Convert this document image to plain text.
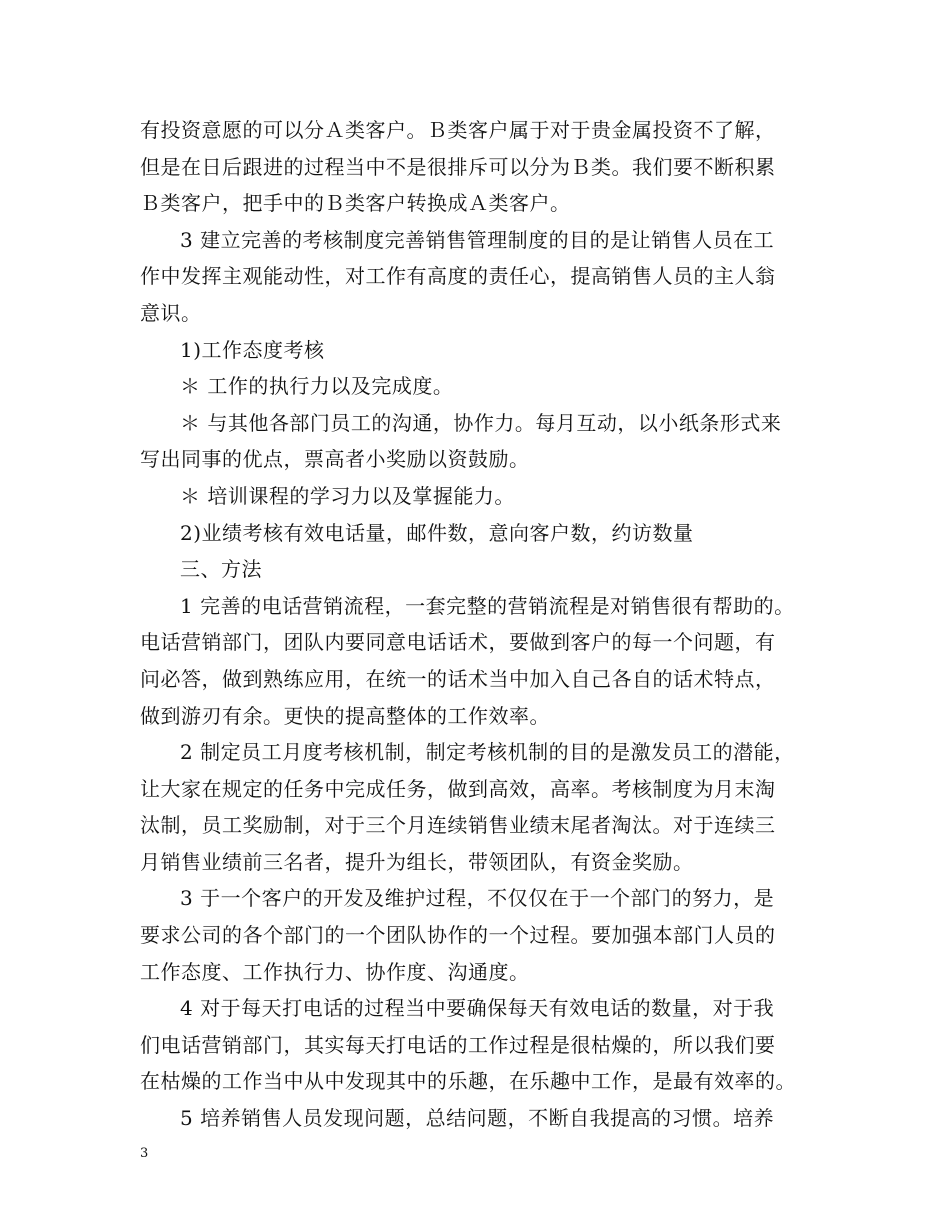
有投资意愿的可以分Ａ类客户。Ｂ类客户属于对于贵金属投资不了解，
但是在日后跟进的过程当中不是很排斥可以分为Ｂ类。我们要不断积累
Ｂ类客户，把手中的Ｂ类客户转换成Ａ类客户。
3 建立完善的考核制度完善销售管理制度的目的是让销售人员在工
作中发挥主观能动性，对工作有高度的责任心，提高销售人员的主人翁
意识。
1)工作态度考核
＊ 工作的执行力以及完成度。
＊ 与其他各部门员工的沟通，协作力。每月互动，以小纸条形式来
写出同事的优点，票高者小奖励以资鼓励。
＊ 培训课程的学习力以及掌握能力。
2)业绩考核有效电话量，邮件数，意向客户数，约访数量
三、方法
1 完善的电话营销流程，一套完整的营销流程是对销售很有帮助的。
电话营销部门，团队内要同意电话话术，要做到客户的每一个问题，有
问必答，做到熟练应用，在统一的话术当中加入自己各自的话术特点，
做到游刃有余。更快的提高整体的工作效率。
2 制定员工月度考核机制，制定考核机制的目的是激发员工的潜能，
让大家在规定的任务中完成任务，做到高效，高率。考核制度为月末淘
汰制，员工奖励制，对于三个月连续销售业绩末尾者淘汰。对于连续三
月销售业绩前三名者，提升为组长，带领团队，有资金奖励。
3 于一个客户的开发及维护过程，不仅仅在于一个部门的努力，是
要求公司的各个部门的一个团队协作的一个过程。要加强本部门人员的
工作态度、工作执行力、协作度、沟通度。
4 对于每天打电话的过程当中要确保每天有效电话的数量，对于我
们电话营销部门，其实每天打电话的工作过程是很枯燥的，所以我们要
在枯燥的工作当中从中发现其中的乐趣，在乐趣中工作，是最有效率的。
5 培养销售人员发现问题，总结问题，不断自我提高的习惯。培养
3
